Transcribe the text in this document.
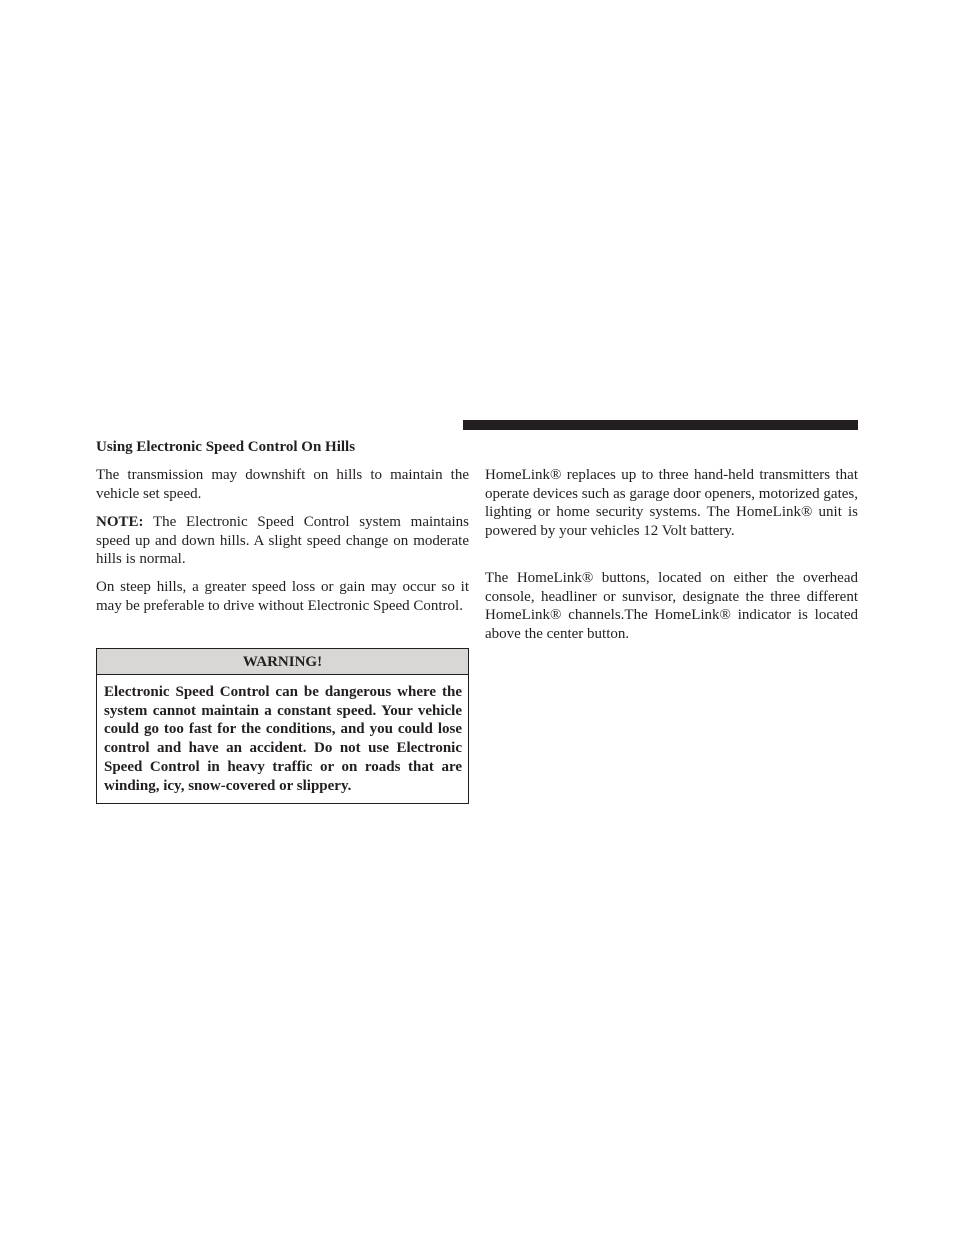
Using Electronic Speed Control On Hills

The transmission may downshift on hills to maintain the vehicle set speed.

NOTE: The Electronic Speed Control system maintains speed up and down hills. A slight speed change on moderate hills is normal.

On steep hills, a greater speed loss or gain may occur so it may be preferable to drive without Electronic Speed Control.

WARNING!
Electronic Speed Control can be dangerous where the system cannot maintain a constant speed. Your vehicle could go too fast for the conditions, and you could lose control and have an accident. Do not use Electronic Speed Control in heavy traffic or on roads that are winding, icy, snow-covered or slippery.

HomeLink® replaces up to three hand-held transmitters that operate devices such as garage door openers, motorized gates, lighting or home security systems. The HomeLink® unit is powered by your vehicles 12 Volt battery.

The HomeLink® buttons, located on either the overhead console, headliner or sunvisor, designate the three different HomeLink® channels.The HomeLink® indicator is located above the center button.
